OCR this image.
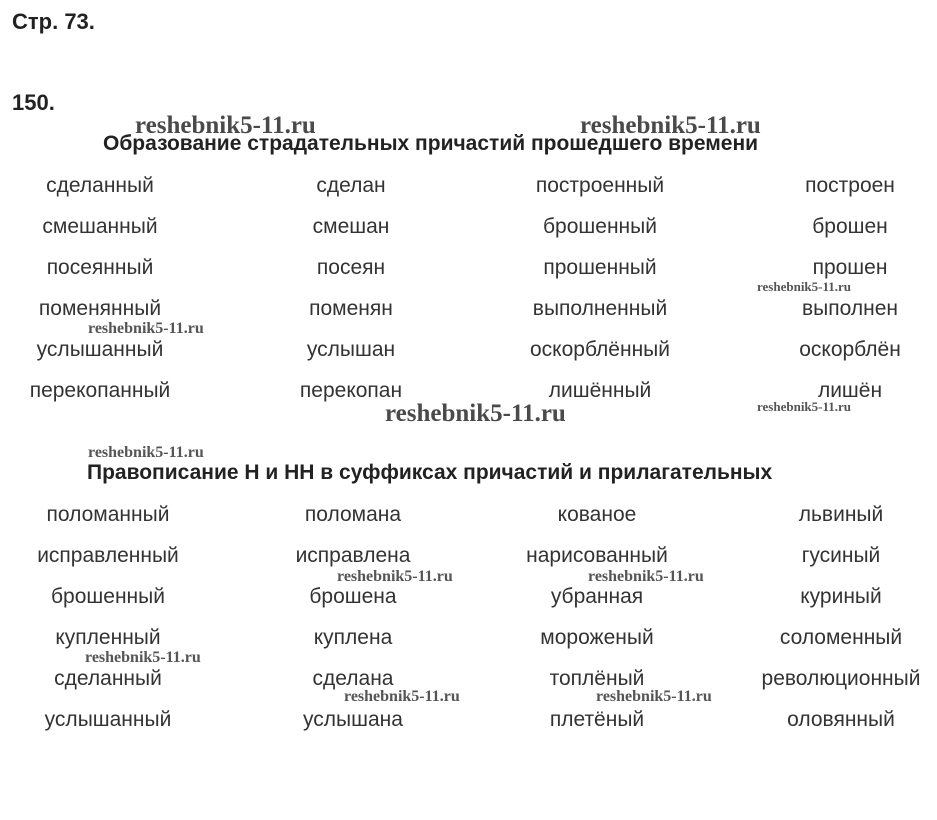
Стр. 73.
150.
reshebnik5-11.ru	reshebnik5-11.ru
reshebnik5-11.ru
reshebnik5-11.ru
reshebnik5-11.ru	reshebnik5-11.ru
reshebnik5-11.ru
reshebnik5-11.ru	reshebnik5-11.ru
reshebnik5-11.ru
reshebnik5-11.ru	reshebnik5-11.ru
Образование страдательных причастий прошедшего времени
сделанный	сделан	построенный	построен
смешанный	смешан	брошенный	брошен
посеянный	посеян	прошенный	прошен
поменянный	поменян	выполненный	выполнен
услышанный	услышан	оскорблённый	оскорблён
перекопанный	перекопан	лишённый	лишён
Правописание Н и НН в суффиксах причастий и прилагательных
поломанный	поломана	кованое	львиный
исправленный	исправлена	нарисованный	гусиный
брошенный	брошена	убранная	куриный
купленный	куплена	мороженый	соломенный
сделанный	сделана	топлёный	революционный
услышанный	услышана	плетёный	оловянный
